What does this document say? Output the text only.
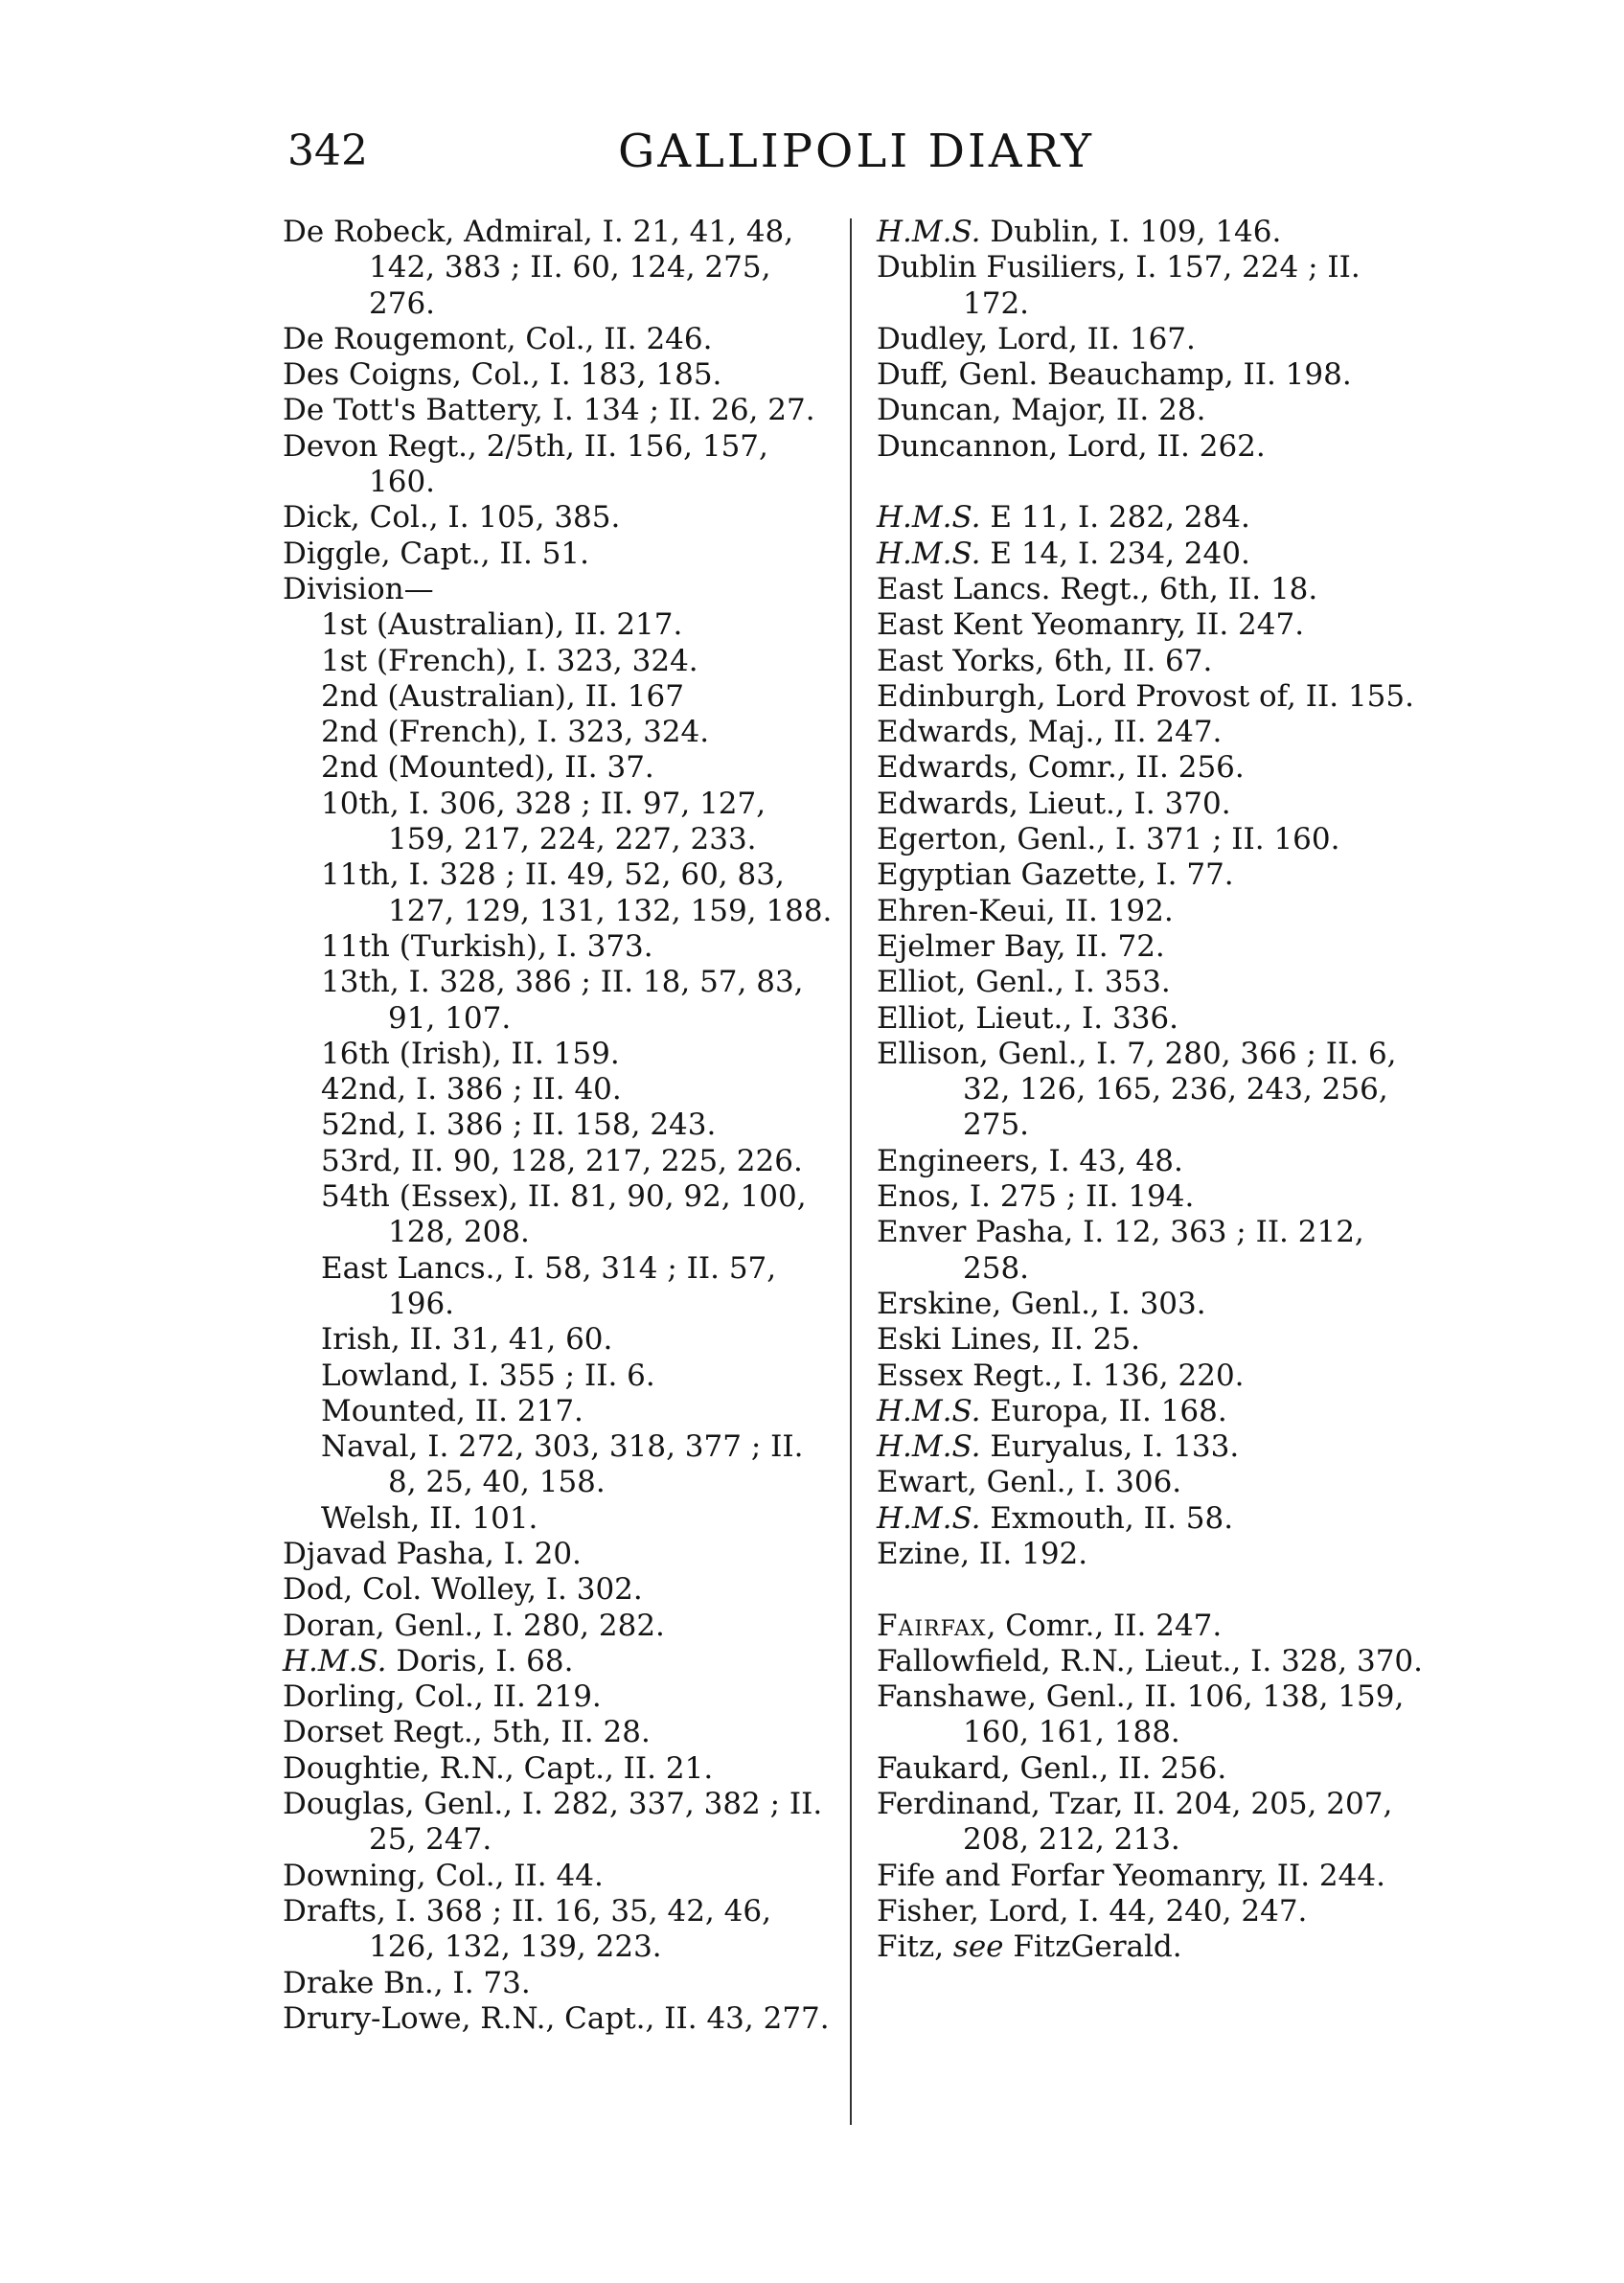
342	GALLIPOLI DIARY

De Robeck, Admiral, I. 21, 41, 48, 142, 383 ; II. 60, 124, 275, 276.

De Rougemont, Col., II. 246.

Des Coigns, Col., I. 183, 185.

De Tott's Battery, I. 134 ; II. 26, 27.

Devon Regt., 2/5th, II. 156, 157, 160.

Dick, Col., I. 105, 385.

Diggle, Capt., II. 51.

Division—

1st (Australian), II. 217.

1st (French), I. 323, 324.

2nd (Australian), II. 167

2nd (French), I. 323, 324.

2nd (Mounted), II. 37.

10th, I. 306, 328 ; II. 97, 127, 159, 217, 224, 227, 233.

11th, I. 328 ; II. 49, 52, 60, 83, 127, 129, 131, 132, 159, 188.

11th (Turkish), I. 373.

13th, I. 328, 386 ; II. 18, 57, 83, 91, 107.

16th (Irish), II. 159.

42nd, I. 386 ; II. 40.

52nd, I. 386 ; II. 158, 243.

53rd, II. 90, 128, 217, 225, 226.

54th (Essex), II. 81, 90, 92, 100, 128, 208.

East Lancs., I. 58, 314 ; II. 57, 196.

Irish, II. 31, 41, 60.

Lowland, I. 355 ; II. 6.

Mounted, II. 217.

Naval, I. 272, 303, 318, 377 ; II. 8, 25, 40, 158.

Welsh, II. 101.

Djavad Pasha, I. 20.

Dod, Col. Wolley, I. 302.

Doran, Genl., I. 280, 282.

H.M.S. Doris, I. 68.

Dorling, Col., II. 219.

Dorset Regt., 5th, II. 28.

Doughtie, R.N., Capt., II. 21.

Douglas, Genl., I. 282, 337, 382 ; II. 25, 247.

Downing, Col., II. 44.

Drafts, I. 368 ; II. 16, 35, 42, 46, 126, 132, 139, 223.

Drake Bn., I. 73.

Drury-Lowe, R.N., Capt., II. 43, 277.

H.M.S. Dublin, I. 109, 146.

Dublin Fusiliers, I. 157, 224 ; II. 172.

Dudley, Lord, II. 167.

Duff, Genl. Beauchamp, II. 198.

Duncan, Major, II. 28.

Duncannon, Lord, II. 262.

H.M.S. E 11, I. 282, 284.

H.M.S. E 14, I. 234, 240.

East Lancs. Regt., 6th, II. 18.

East Kent Yeomanry, II. 247.

East Yorks, 6th, II. 67.

Edinburgh, Lord Provost of, II. 155.

Edwards, Maj., II. 247.

Edwards, Comr., II. 256.

Edwards, Lieut., I. 370.

Egerton, Genl., I. 371 ; II. 160.

Egyptian Gazette, I. 77.

Ehren-Keui, II. 192.

Ejelmer Bay, II. 72.

Elliot, Genl., I. 353.

Elliot, Lieut., I. 336.

Ellison, Genl., I. 7, 280, 366 ; II. 6, 32, 126, 165, 236, 243, 256, 275.

Engineers, I. 43, 48.

Enos, I. 275 ; II. 194.

Enver Pasha, I. 12, 363 ; II. 212, 258.

Erskine, Genl., I. 303.

Eski Lines, II. 25.

Essex Regt., I. 136, 220.

H.M.S. Europa, II. 168.

H.M.S. Euryalus, I. 133.

Ewart, Genl., I. 306.

H.M.S. Exmouth, II. 58.

Ezine, II. 192.

Fairfax, Comr., II. 247.

Fallowfield, R.N., Lieut., I. 328, 370.

Fanshawe, Genl., II. 106, 138, 159, 160, 161, 188.

Faukard, Genl., II. 256.

Ferdinand, Tzar, II. 204, 205, 207, 208, 212, 213.

Fife and Forfar Yeomanry, II. 244.

Fisher, Lord, I. 44, 240, 247.

Fitz, see FitzGerald.
